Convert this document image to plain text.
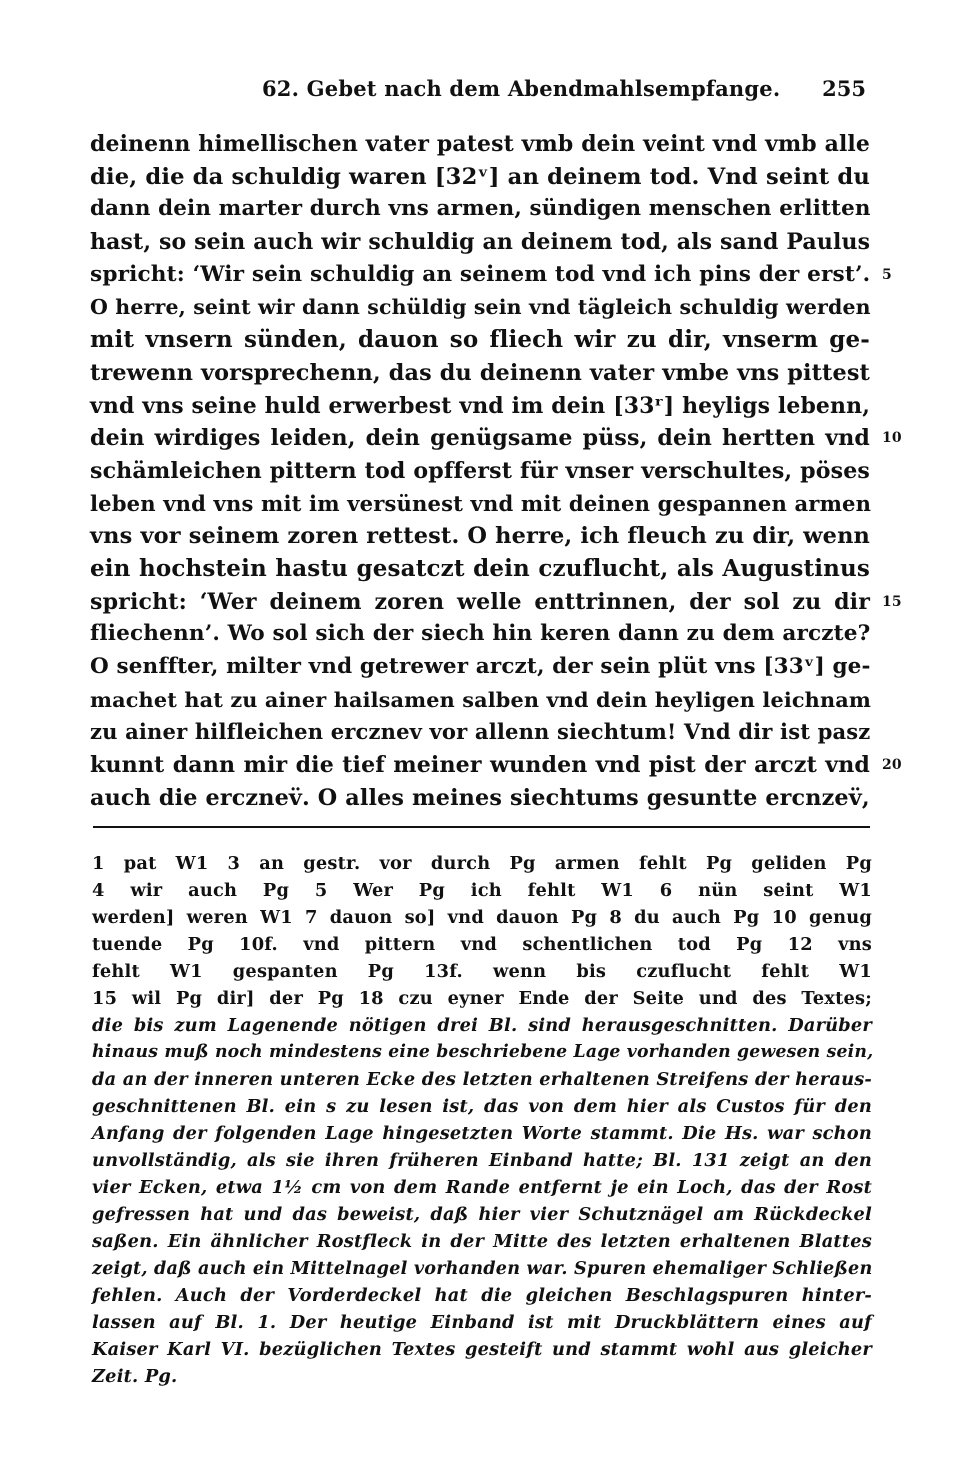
62. Gebet nach dem Abendmahlsempfange. 255
deinenn himellischen vater patest vmb dein veint vnd vmb alle
die, die da schuldig waren [32ᵛ] an deinem tod. Vnd seint du
dann dein marter durch vns armen, sündigen menschen erlitten
hast, so sein auch wir schuldig an deinem tod, als sand Paulus
spricht: ‘Wir sein schuldig an seinem tod vnd ich pins der erst’. 5
O herre, seint wir dann schüldig sein vnd tägleich schuldig werden
mit vnsern sünden, dauon so fliech wir zu dir, vnserm ge-
trewenn vorsprechenn, das du deinenn vater vmbe vns pittest
vnd vns seine huld erwerbest vnd im dein [33ʳ] heyligs lebenn,
dein wirdiges leiden, dein genügsame püss, dein hertten vnd 10
schämleichen pittern tod opfferst für vnser verschultes, pöses
leben vnd vns mit im versünest vnd mit deinen gespannen armen
vns vor seinem zoren rettest. O herre, ich fleuch zu dir, wenn
ein hochstein hastu gesatczt dein czuflucht, als Augustinus
spricht: ‘Wer deinem zoren welle enttrinnen, der sol zu dir 15
fliechenn’. Wo sol sich der siech hin keren dann zu dem arczte?
O senffter, milter vnd getrewer arczt, der sein plüt vns [33ᵛ] ge-
machet hat zu ainer hailsamen salben vnd dein heyligen leichnam
zu ainer hilfleichen ercznev vor allenn siechtum! Vnd dir ist pasz
kunnt dann mir die tief meiner wunden vnd pist der arczt vnd 20
auch die ercznev̈. O alles meines siechtums gesuntte ercnzev̈,
1 pat W1 3 an gestr. vor durch Pg armen fehlt Pg geliden Pg
4 wir auch Pg 5 Wer Pg ich fehlt W1 6 nün seint W1
werden] weren W1 7 dauon so] vnd dauon Pg 8 du auch Pg 10 genug
tuende Pg 10f. vnd pittern vnd schentlichen tod Pg 12 vns
fehlt W1 gespanten Pg 13f. wenn bis czuflucht fehlt W1
15 wil Pg dir] der Pg 18 czu eyner Ende der Seite und des Textes;
die bis zum Lagenende nötigen drei Bl. sind herausgeschnitten. Darüber
hinaus muß noch mindestens eine beschriebene Lage vorhanden gewesen sein,
da an der inneren unteren Ecke des letzten erhaltenen Streifens der heraus-
geschnittenen Bl. ein s zu lesen ist, das von dem hier als Custos für den
Anfang der folgenden Lage hingesetzten Worte stammt. Die Hs. war schon
unvollständig, als sie ihren früheren Einband hatte; Bl. 131 zeigt an den
vier Ecken, etwa 1½ cm von dem Rande entfernt je ein Loch, das der Rost
gefressen hat und das beweist, daß hier vier Schutznägel am Rückdeckel
saßen. Ein ähnlicher Rostfleck in der Mitte des letzten erhaltenen Blattes
zeigt, daß auch ein Mittelnagel vorhanden war. Spuren ehemaliger Schließen
fehlen. Auch der Vorderdeckel hat die gleichen Beschlagspuren hinter-
lassen auf Bl. 1. Der heutige Einband ist mit Druckblättern eines auf
Kaiser Karl VI. bezüglichen Textes gesteift und stammt wohl aus gleicher
Zeit. Pg.
